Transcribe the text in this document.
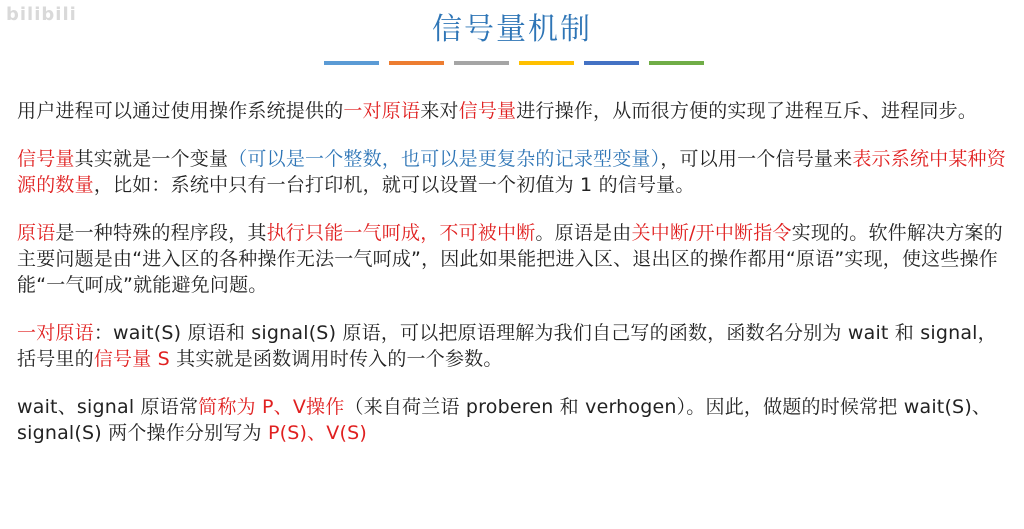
bilibili	信号量机制

用户进程可以通过使用操作系统提供的一对原语来对信号量进行操作，从而很方便的实现了进程互斥、进程同步。

信号量其实就是一个变量（可以是一个整数，也可以是更复杂的记录型变量），可以用一个信号量来表示系统中某种资源的数量，比如：系统中只有一台打印机，就可以设置一个初值为 1 的信号量。

原语是一种特殊的程序段，其执行只能一气呵成，不可被中断。原语是由关中断/开中断指令实现的。软件解决方案的主要问题是由“进入区的各种操作无法一气呵成”，因此如果能把进入区、退出区的操作都用“原语”实现，使这些操作能“一气呵成”就能避免问题。

一对原语：wait(S) 原语和 signal(S) 原语，可以把原语理解为我们自己写的函数，函数名分别为 wait 和 signal，括号里的信号量 S 其实就是函数调用时传入的一个参数。

wait、signal 原语常简称为 P、V操作（来自荷兰语 proberen 和 verhogen）。因此，做题的时候常把 wait(S)、signal(S) 两个操作分别写为 P(S)、V(S)
